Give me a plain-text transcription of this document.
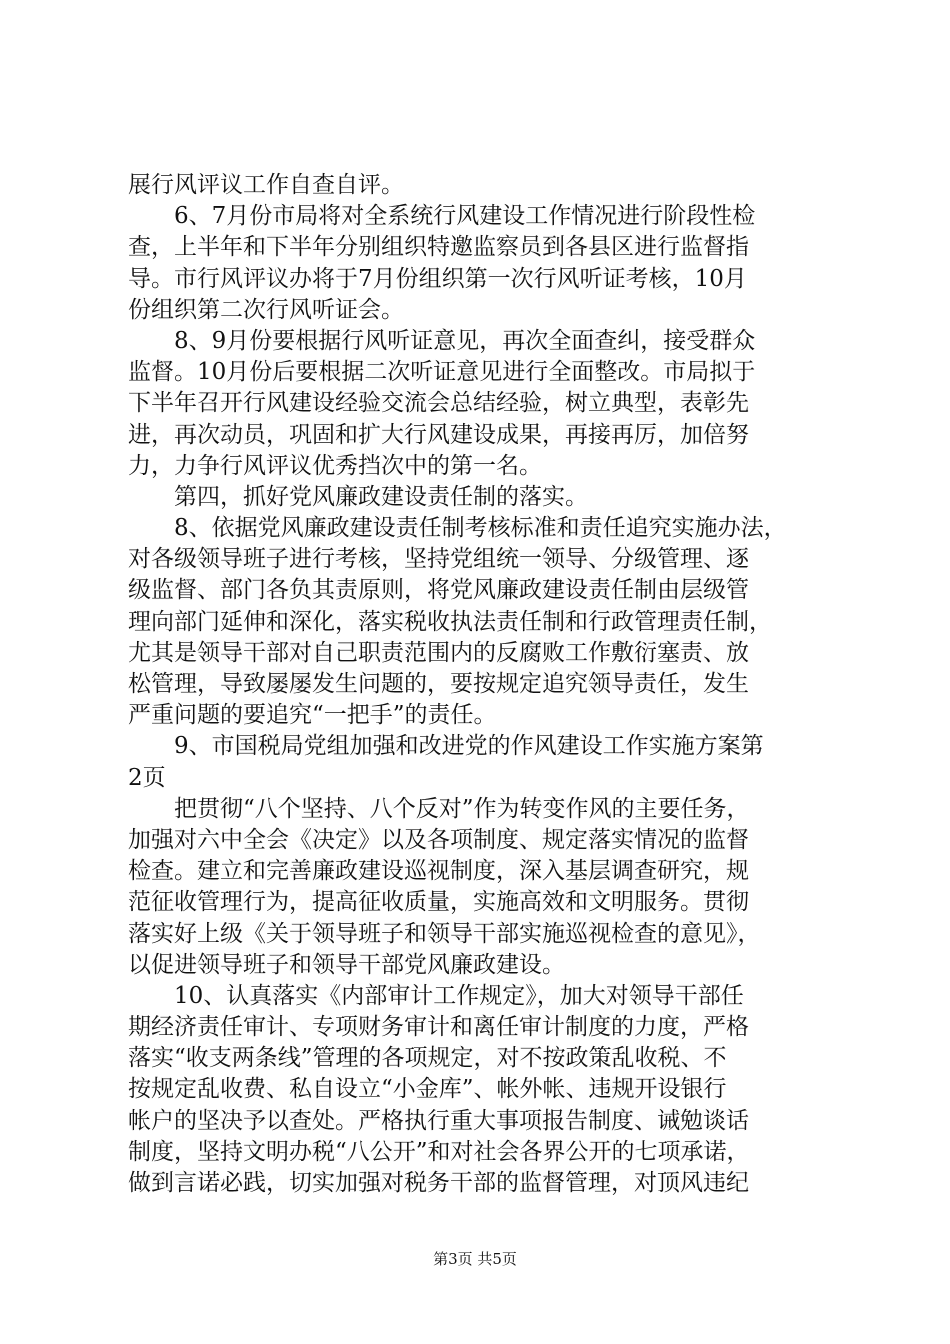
展行风评议工作自查自评。
6、7月份市局将对全系统行风建设工作情况进行阶段性检
查，上半年和下半年分别组织特邀监察员到各县区进行监督指
导。市行风评议办将于7月份组织第一次行风听证考核，10月
份组织第二次行风听证会。
8、9月份要根据行风听证意见，再次全面查纠，接受群众
监督。10月份后要根据二次听证意见进行全面整改。市局拟于
下半年召开行风建设经验交流会总结经验，树立典型，表彰先
进，再次动员，巩固和扩大行风建设成果，再接再厉，加倍努
力，力争行风评议优秀挡次中的第一名。
第四，抓好党风廉政建设责任制的落实。
8、依据党风廉政建设责任制考核标准和责任追究实施办法，
对各级领导班子进行考核，坚持党组统一领导、分级管理、逐
级监督、部门各负其责原则，将党风廉政建设责任制由层级管
理向部门延伸和深化，落实税收执法责任制和行政管理责任制，
尤其是领导干部对自己职责范围内的反腐败工作敷衍塞责、放
松管理，导致屡屡发生问题的，要按规定追究领导责任，发生
严重问题的要追究“一把手”的责任。
9、市国税局党组加强和改进党的作风建设工作实施方案第
2页
把贯彻“八个坚持、八个反对”作为转变作风的主要任务，
加强对六中全会《决定》以及各项制度、规定落实情况的监督
检查。建立和完善廉政建设巡视制度，深入基层调查研究，规
范征收管理行为，提高征收质量，实施高效和文明服务。贯彻
落实好上级《关于领导班子和领导干部实施巡视检查的意见》，
以促进领导班子和领导干部党风廉政建设。
10、认真落实《内部审计工作规定》，加大对领导干部任
期经济责任审计、专项财务审计和离任审计制度的力度，严格
落实“收支两条线”管理的各项规定，对不按政策乱收税、不
按规定乱收费、私自设立“小金库”、帐外帐、违规开设银行
帐户的坚决予以查处。严格执行重大事项报告制度、诫勉谈话
制度，坚持文明办税“八公开”和对社会各界公开的七项承诺，
做到言诺必践，切实加强对税务干部的监督管理，对顶风违纪
第3页 共5页
